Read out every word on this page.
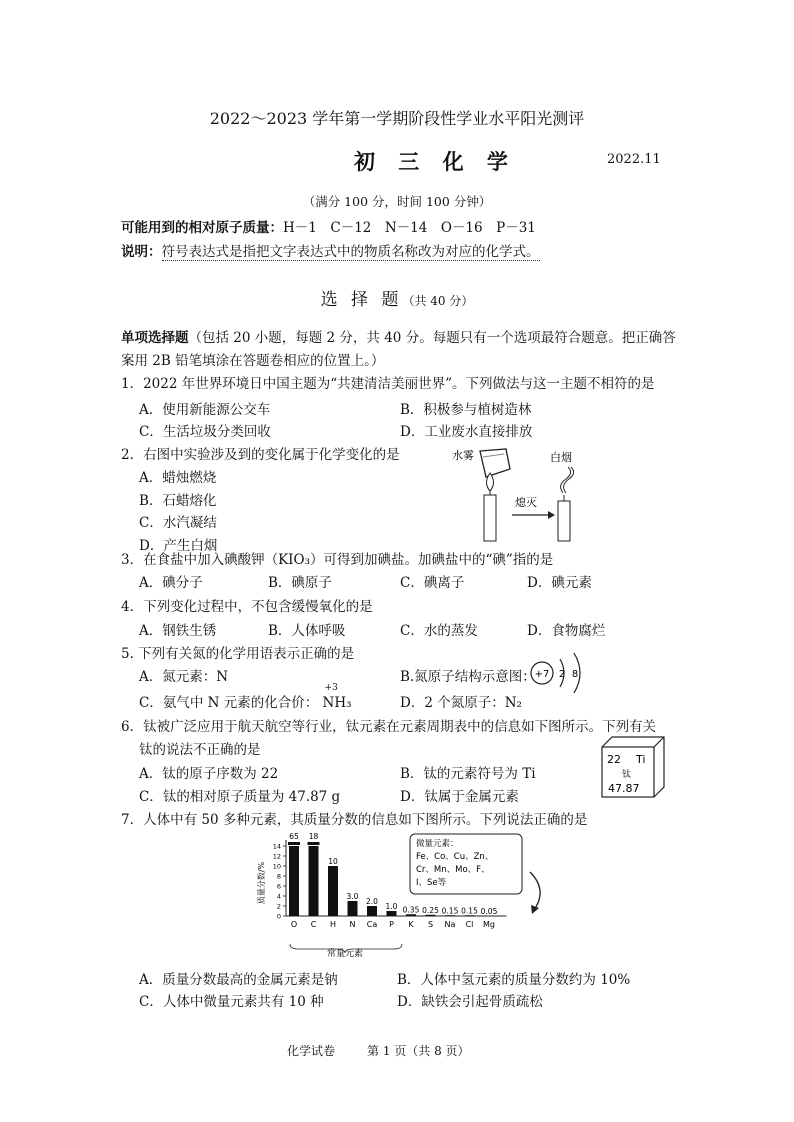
2022～2023 学年第一学期阶段性学业水平阳光测评
初 三 化 学	2022.11
（满分 100 分，时间 100 分钟）
可能用到的相对原子质量：H－1　C－12　N－14　O－16　P－31
说明：符号表达式是指把文字表达式中的物质名称改为对应的化学式。
选 择 题（共 40 分）
单项选择题（包括 20 小题，每题 2 分，共 40 分。每题只有一个选项最符合题意。把正确答
案用 2B 铅笔填涂在答题卷相应的位置上。）
1．2022 年世界环境日中国主题为“共建清洁美丽世界”。下列做法与这一主题不相符的是
A．使用新能源公交车	B．积极参与植树造林
C．生活垃圾分类回收	D．工业废水直接排放
2．右图中实验涉及到的变化属于化学变化的是
A．蜡烛燃烧
B．石蜡熔化
C．水汽凝结
D．产生白烟
水雾
熄灭
白烟
3．在食盐中加入碘酸钾（KIO₃）可得到加碘盐。加碘盐中的“碘”指的是
A．碘分子	B．碘原子	C．碘离子	D．碘元素
4．下列变化过程中，不包含缓慢氧化的是
A．钢铁生锈	B．人体呼吸	C．水的蒸发	D．食物腐烂
5. 下列有关氮的化学用语表示正确的是
A．氮元素：N	B.氮原子结构示意图：
+7 2 8
C．氨气中 N 元素的化合价：
+3
NH₃	D．2 个氮原子：N₂
6．钛被广泛应用于航天航空等行业，钛元素在元素周期表中的信息如下图所示。下列有关
钛的说法不正确的是
A．钛的原子序数为 22	B．钛的元素符号为 Ti
C．钛的相对原子质量为 47.87 g	D．钛属于金属元素
22 Ti
钛
47.87
7．人体中有 50 多种元素，其质量分数的信息如下图所示。下列说法正确的是
0
2
4
6
8
10
12
14
65 18
10
3.0
2.0
1.0 0.35 0.25 0.15 0.15 0.05
O C H N Ca P K S Na Cl Mg
质量分数/%
常量元素
微量元素：
Fe、Co、Cu、Zn、
Cr、Mn、Mo、F、
I、Se等
A．质量分数最高的金属元素是钠	B．人体中氢元素的质量分数约为 10%
C．人体中微量元素共有 10 种	D．缺铁会引起骨质疏松
化学试卷	第 1 页（共 8 页）
